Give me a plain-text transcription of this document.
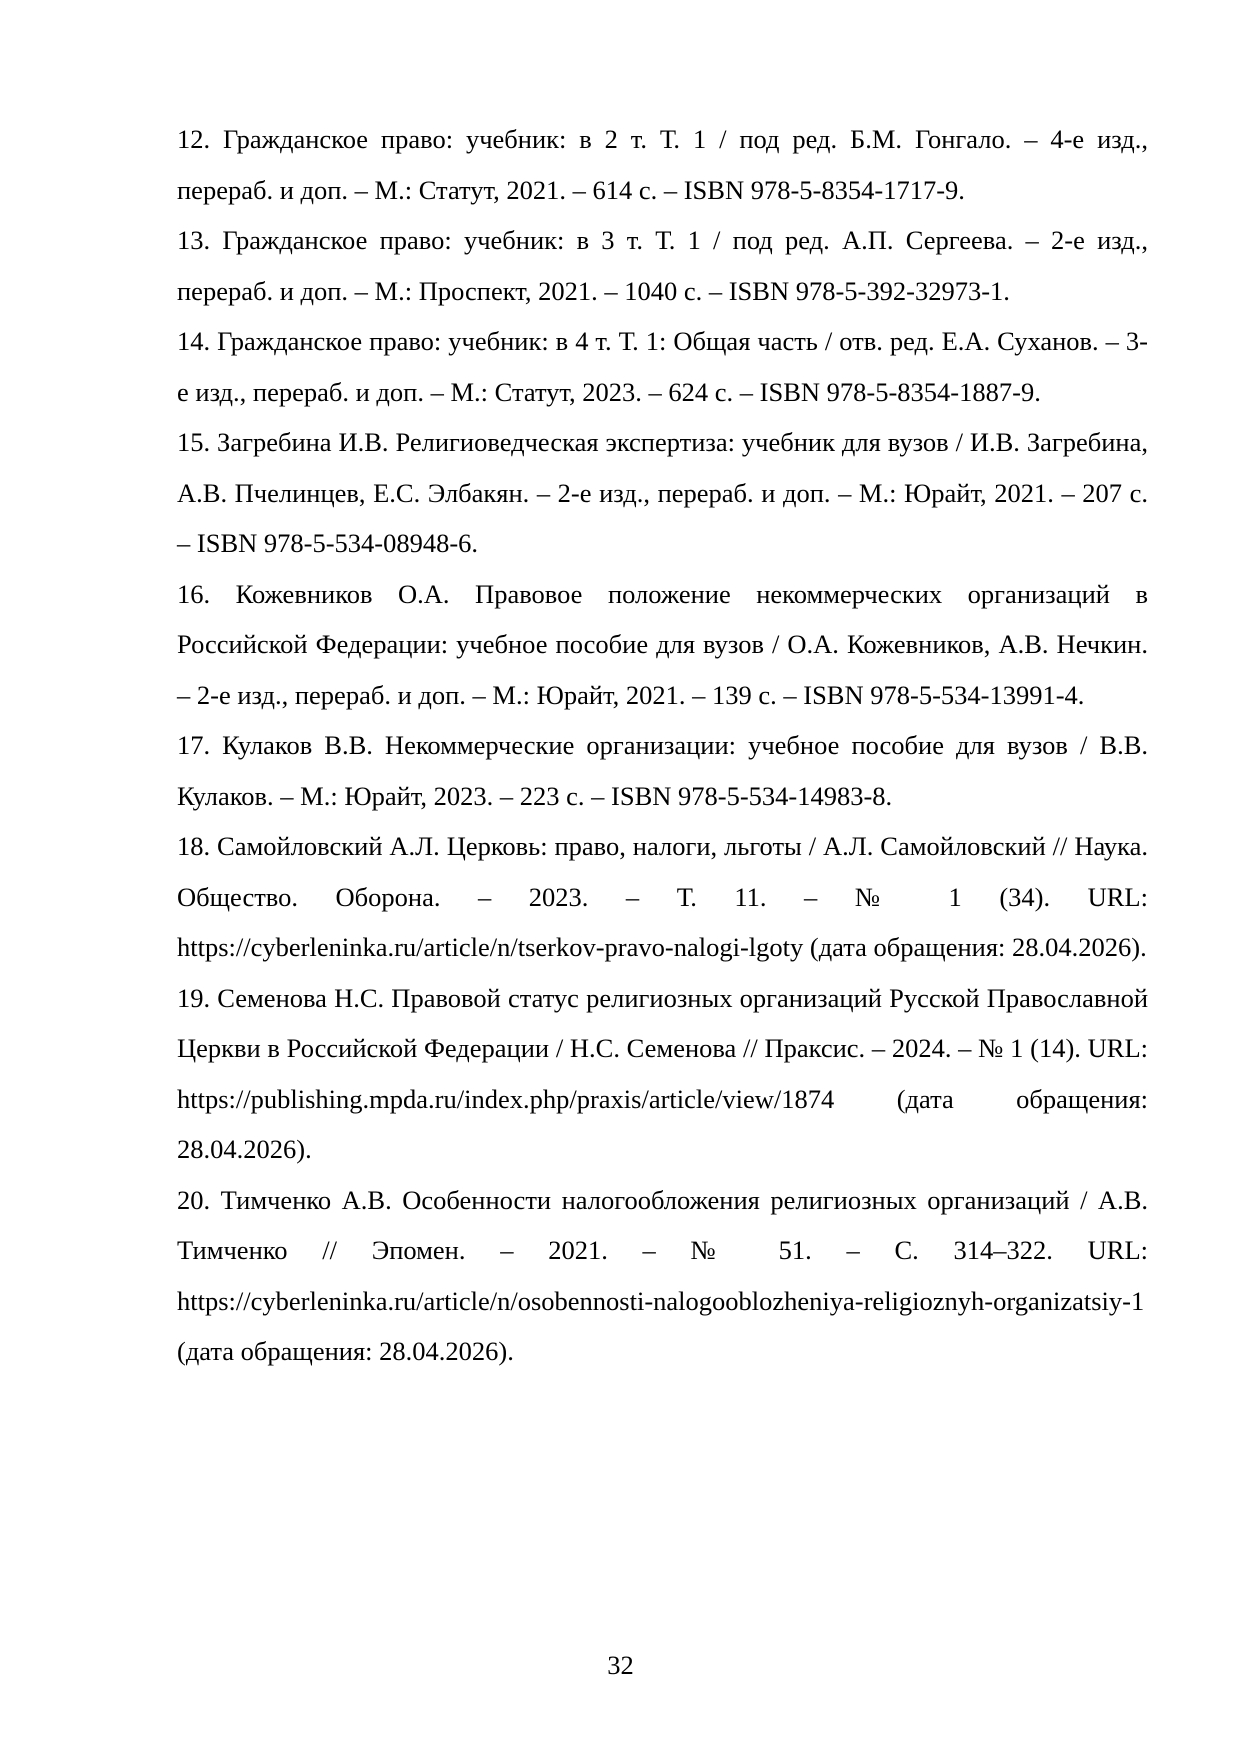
12. Гражданское право: учебник: в 2 т. Т. 1 / под ред. Б.М. Гонгало. – 4-е изд., перераб. и доп. – М.: Статут, 2021. – 614 с. – ISBN 978-5-8354-1717-9.
13. Гражданское право: учебник: в 3 т. Т. 1 / под ред. А.П. Сергеева. – 2-е изд., перераб. и доп. – М.: Проспект, 2021. – 1040 с. – ISBN 978-5-392-32973-1.
14. Гражданское право: учебник: в 4 т. Т. 1: Общая часть / отв. ред. Е.А. Суханов. – 3-е изд., перераб. и доп. – М.: Статут, 2023. – 624 с. – ISBN 978-5-8354-1887-9.
15. Загребина И.В. Религиоведческая экспертиза: учебник для вузов / И.В. Загребина, А.В. Пчелинцев, Е.С. Элбакян. – 2-е изд., перераб. и доп. – М.: Юрайт, 2021. – 207 с. – ISBN 978-5-534-08948-6.
16. Кожевников О.А. Правовое положение некоммерческих организаций в Российской Федерации: учебное пособие для вузов / О.А. Кожевников, А.В. Нечкин. – 2-е изд., перераб. и доп. – М.: Юрайт, 2021. – 139 с. – ISBN 978-5-534-13991-4.
17. Кулаков В.В. Некоммерческие организации: учебное пособие для вузов / В.В. Кулаков. – М.: Юрайт, 2023. – 223 с. – ISBN 978-5-534-14983-8.
18. Самойловский А.Л. Церковь: право, налоги, льготы / А.Л. Самойловский // Наука. Общество. Оборона. – 2023. – Т. 11. – № 1 (34). URL: https://cyberleninka.ru/article/n/tserkov-pravo-nalogi-lgoty (дата обращения: 28.04.2026).
19. Семенова Н.С. Правовой статус религиозных организаций Русской Православной Церкви в Российской Федерации / Н.С. Семенова // Праксис. – 2024. – № 1 (14). URL: https://publishing.mpda.ru/index.php/praxis/article/view/1874 (дата обращения: 28.04.2026).
20. Тимченко А.В. Особенности налогообложения религиозных организаций / А.В. Тимченко // Эпомен. – 2021. – № 51. – С. 314–322. URL: https://cyberleninka.ru/article/n/osobennosti-nalogooblozheniya-religioznyh-organizatsiy-1 (дата обращения: 28.04.2026).
32
